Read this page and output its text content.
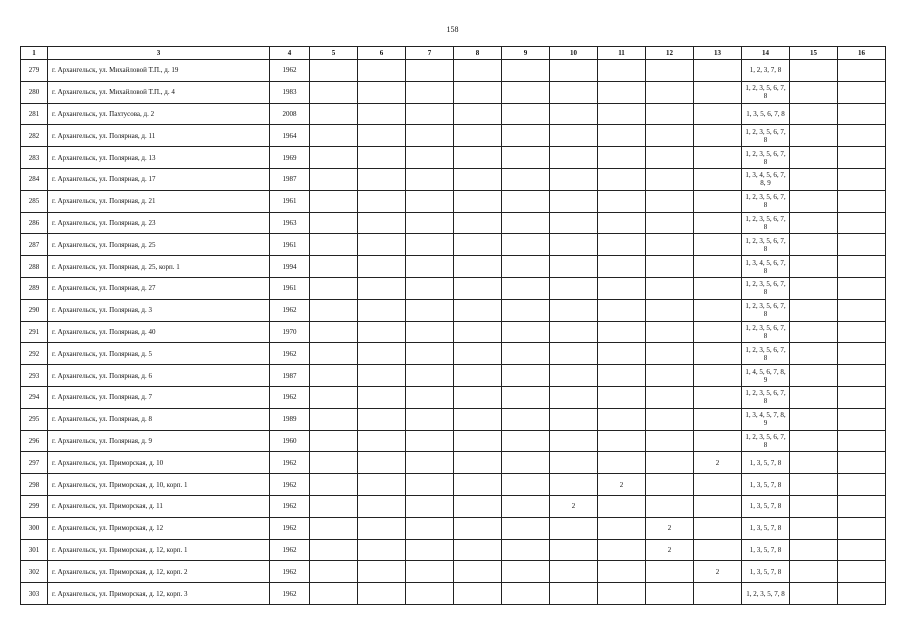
158
1	3	4	5	6	7	8	9	10	11	12	13	14	15	16
279	г. Архангельск, ул. Михайловой Т.П., д. 19	1962										1, 2, 3, 7, 8		
280	г. Архангельск, ул. Михайловой Т.П., д. 4	1983										1, 2, 3, 5, 6, 7, 8		
281	г. Архангельск, ул. Пахтусова, д. 2	2008										1, 3, 5, 6, 7, 8		
282	г. Архангельск, ул. Полярная, д. 11	1964										1, 2, 3, 5, 6, 7, 8		
283	г. Архангельск, ул. Полярная, д. 13	1969										1, 2, 3, 5, 6, 7, 8		
284	г. Архангельск, ул. Полярная, д. 17	1987										1, 3, 4, 5, 6, 7, 8, 9		
285	г. Архангельск, ул. Полярная, д. 21	1961										1, 2, 3, 5, 6, 7, 8		
286	г. Архангельск, ул. Полярная, д. 23	1963										1, 2, 3, 5, 6, 7, 8		
287	г. Архангельск, ул. Полярная, д. 25	1961										1, 2, 3, 5, 6, 7, 8		
288	г. Архангельск, ул. Полярная, д. 25, корп. 1	1994										1, 3, 4, 5, 6, 7, 8		
289	г. Архангельск, ул. Полярная, д. 27	1961										1, 2, 3, 5, 6, 7, 8		
290	г. Архангельск, ул. Полярная, д. 3	1962										1, 2, 3, 5, 6, 7, 8		
291	г. Архангельск, ул. Полярная, д. 40	1970										1, 2, 3, 5, 6, 7, 8		
292	г. Архангельск, ул. Полярная, д. 5	1962										1, 2, 3, 5, 6, 7, 8		
293	г. Архангельск, ул. Полярная, д. 6	1987										1, 4, 5, 6, 7, 8, 9		
294	г. Архангельск, ул. Полярная, д. 7	1962										1, 2, 3, 5, 6, 7, 8		
295	г. Архангельск, ул. Полярная, д. 8	1989										1, 3, 4, 5, 7, 8, 9		
296	г. Архангельск, ул. Полярная, д. 9	1960										1, 2, 3, 5, 6, 7, 8		
297	г. Архангельск, ул. Приморская, д. 10	1962									2	1, 3, 5, 7, 8		
298	г. Архангельск, ул. Приморская, д. 10, корп. 1	1962							2			1, 3, 5, 7, 8		
299	г. Архангельск, ул. Приморская, д. 11	1962						2				1, 3, 5, 7, 8		
300	г. Архангельск, ул. Приморская, д. 12	1962								2		1, 3, 5, 7, 8		
301	г. Архангельск, ул. Приморская, д. 12, корп. 1	1962								2		1, 3, 5, 7, 8		
302	г. Архангельск, ул. Приморская, д. 12, корп. 2	1962									2	1, 3, 5, 7, 8		
303	г. Архангельск, ул. Приморская, д. 12, корп. 3	1962										1, 2, 3, 5, 7, 8		
